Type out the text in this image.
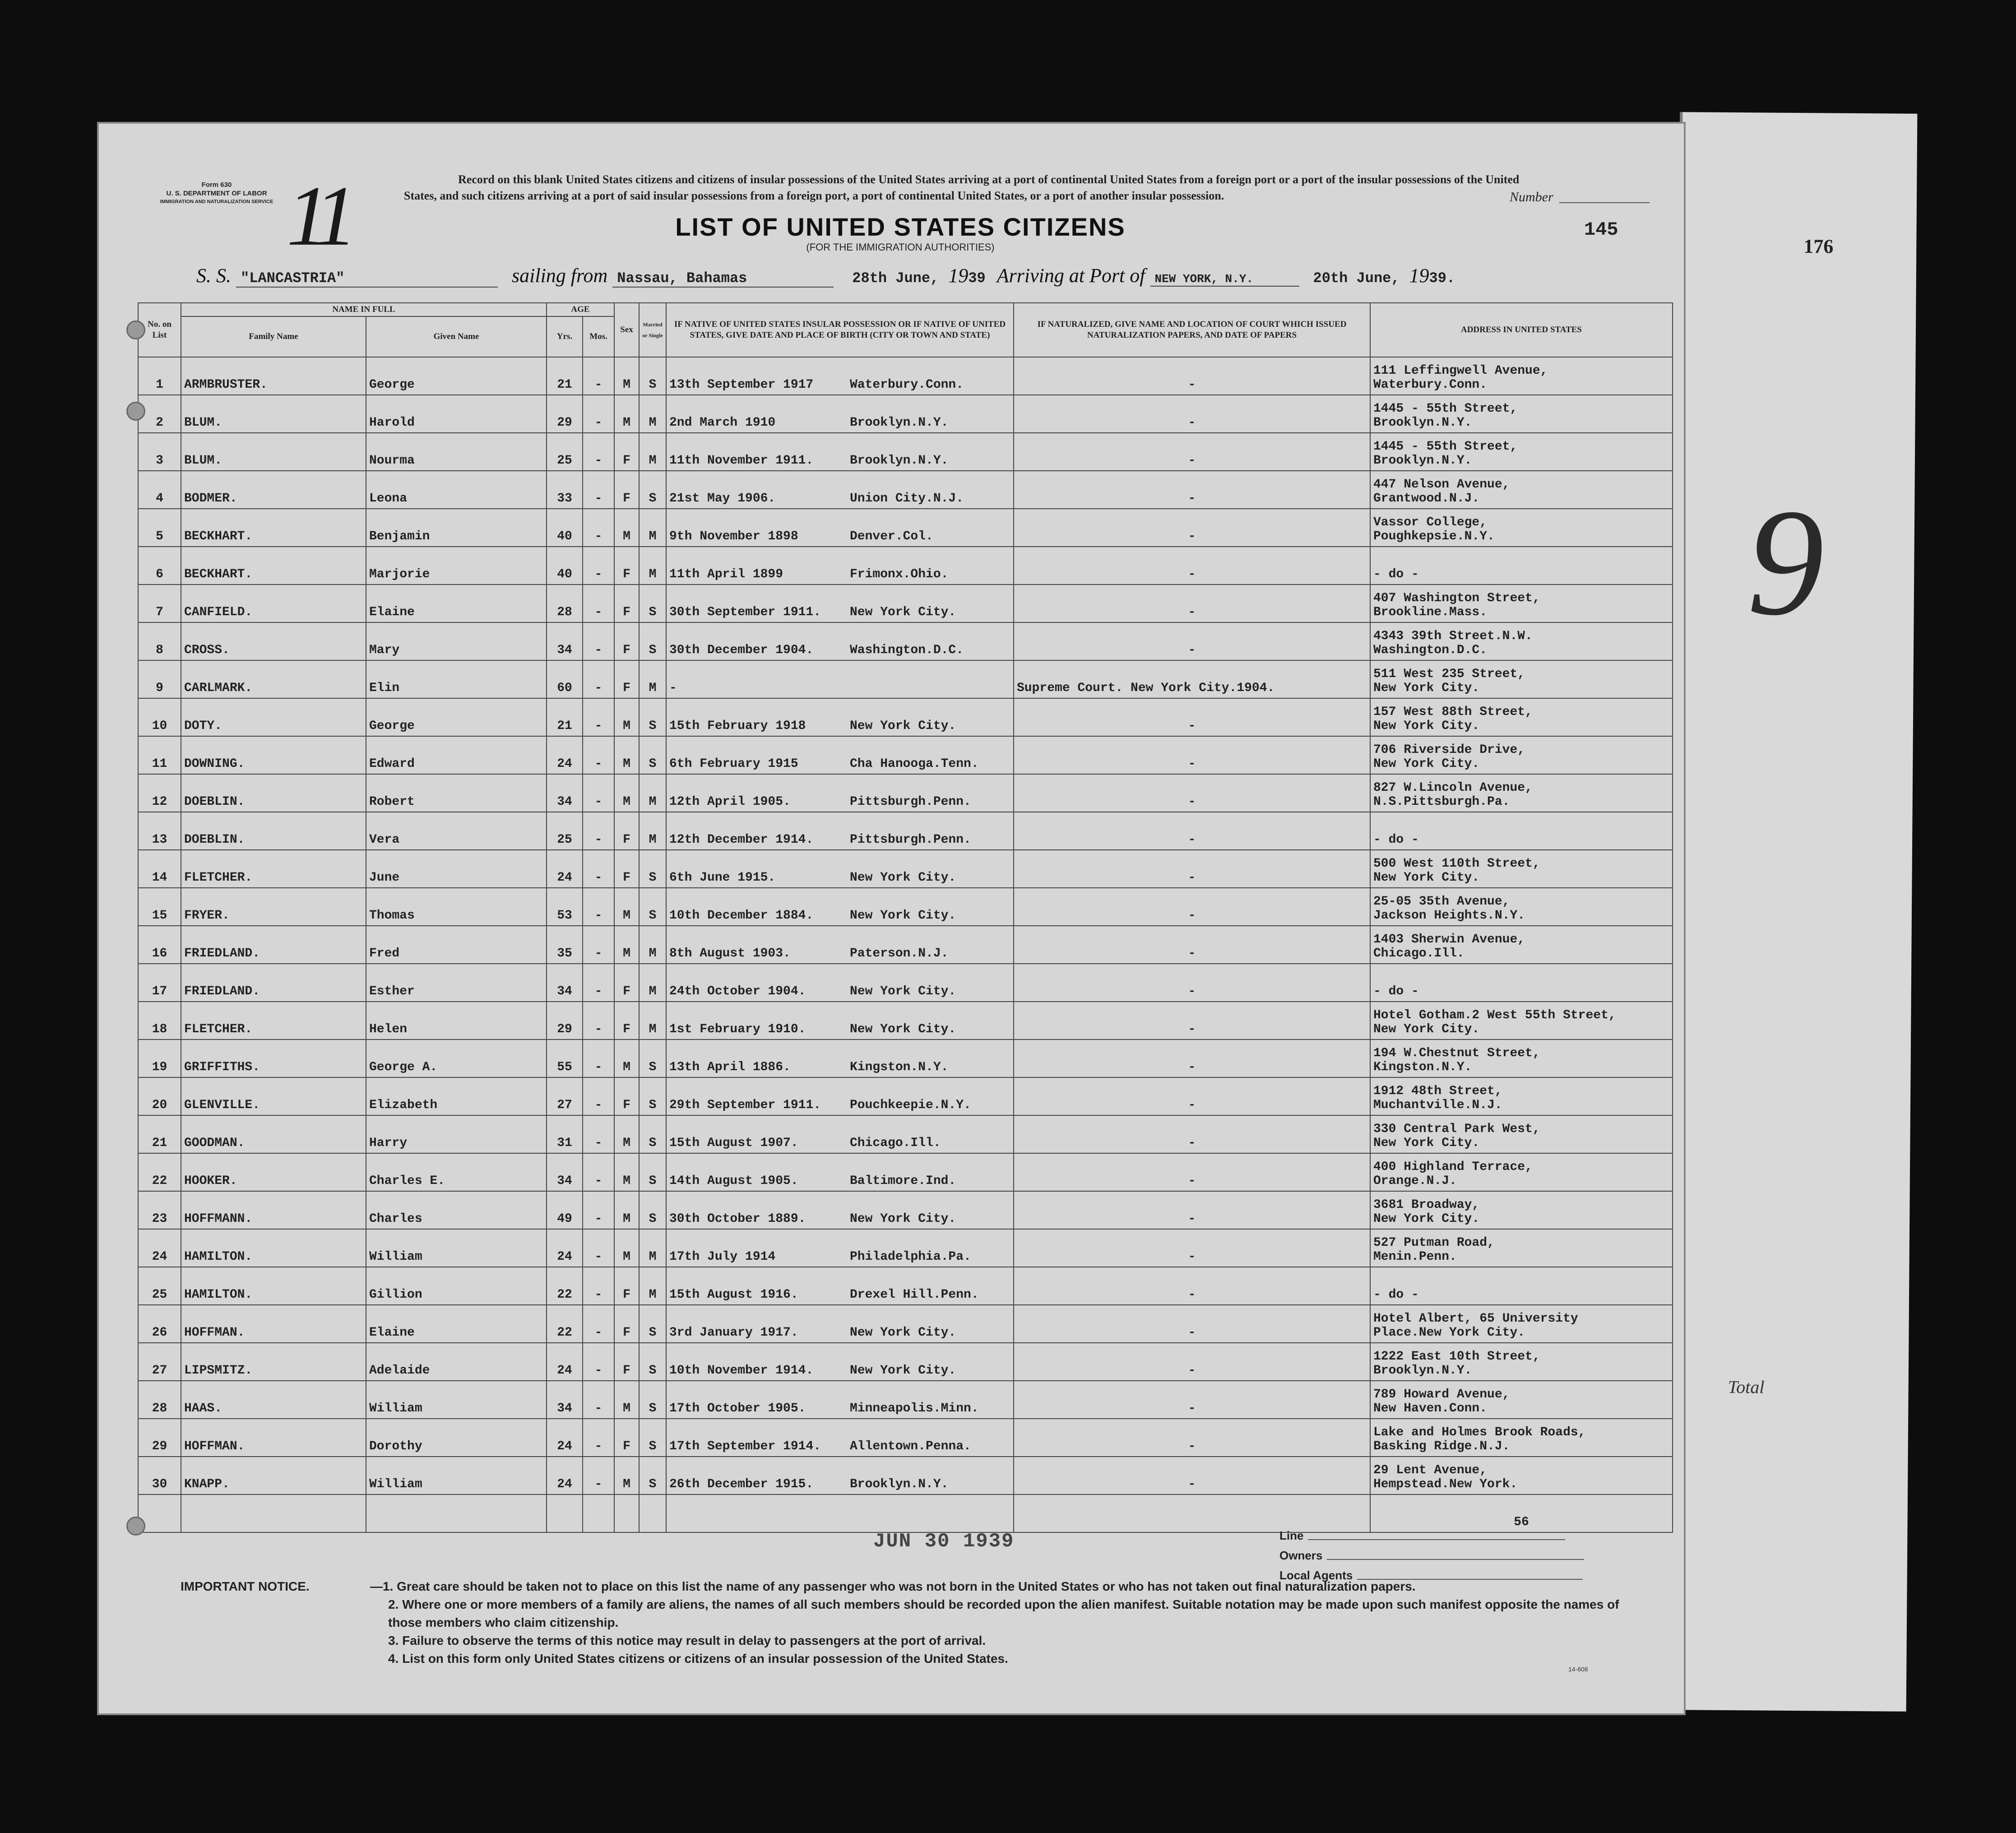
176
Total
9
Form 630
U. S. DEPARTMENT OF LABOR
IMMIGRATION AND NATURALIZATION SERVICE 11	Record on this blank United States citizens and citizens of insular possessions of the United States arriving at a port of continental United States from a foreign port or a port of the insular possessions of the United States, and such citizens arriving at a port of said insular possessions from a foreign port, a port of continental United States, or a port of another insular possession.	Number
LIST OF UNITED STATES CITIZENS
(FOR THE IMMIGRATION AUTHORITIES)
145
S. S. "LANCASTRIA"	sailing from Nassau, Bahamas	28th June, 1939 Arriving at Port of NEW YORK, N.Y.	20th June, 1939.
No. on List	NAME IN FULL		AGE		Sex	Married or Single	IF NATIVE OF UNITED STATES INSULAR POSSESSION OR IF NATIVE OF UNITED STATES, GIVE DATE AND PLACE OF BIRTH (CITY OR TOWN AND STATE)	IF NATURALIZED, GIVE NAME AND LOCATION OF COURT WHICH ISSUED NATURALIZATION PAPERS, AND DATE OF PAPERS	ADDRESS IN UNITED STATES
	Family Name	Given Name	Yrs.	Mos.					
1	ARMBRUSTER.	George	21	-	M	S	13th September 1917 Waterbury.Conn.	-	111 Leffingwell Avenue,
Waterbury.Conn.

2	BLUM.	Harold	29	-	M	M	2nd March 1910 Brooklyn.N.Y.	-	1445 - 55th Street,
Brooklyn.N.Y.

3	BLUM.	Nourma	25	-	F	M	11th November 1911. Brooklyn.N.Y.	-	1445 - 55th Street,
Brooklyn.N.Y.

4	BODMER.	Leona	33	-	F	S	21st May 1906. Union City.N.J.	-	447 Nelson Avenue,
Grantwood.N.J.

5	BECKHART.	Benjamin	40	-	M	M	9th November 1898 Denver.Col.	-	Vassor College,
Poughkepsie.N.Y.

6	BECKHART.	Marjorie	40	-	F	M	11th April 1899 Frimonx.Ohio.	-	- do -

7	CANFIELD.	Elaine	28	-	F	S	30th September 1911. New York City.	-	407 Washington Street,
Brookline.Mass.

8	CROSS.	Mary	34	-	F	S	30th December 1904. Washington.D.C.	-	4343 39th Street.N.W.
Washington.D.C.

9	CARLMARK.	Elin	60	-	F	M	-	Supreme Court. New York City.1904.	511 West 235 Street,
New York City.

10	DOTY.	George	21	-	M	S	15th February 1918 New York City.	-	157 West 88th Street,
New York City.

11	DOWNING.	Edward	24	-	M	S	6th February 1915 Cha Hanooga.Tenn.	-	706 Riverside Drive,
New York City.

12	DOEBLIN.	Robert	34	-	M	M	12th April 1905. Pittsburgh.Penn.	-	827 W.Lincoln Avenue,
N.S.Pittsburgh.Pa.

13	DOEBLIN.	Vera	25	-	F	M	12th December 1914. Pittsburgh.Penn.	-	- do -

14	FLETCHER.	June	24	-	F	S	6th June 1915. New York City.	-	500 West 110th Street,
New York City.

15	FRYER.	Thomas	53	-	M	S	10th December 1884. New York City.	-	25-05 35th Avenue,
Jackson Heights.N.Y.

16	FRIEDLAND.	Fred	35	-	M	M	8th August 1903. Paterson.N.J.	-	1403 Sherwin Avenue,
Chicago.Ill.

17	FRIEDLAND.	Esther	34	-	F	M	24th October 1904. New York City.	-	- do -

18	FLETCHER.	Helen	29	-	F	M	1st February 1910. New York City.	-	Hotel Gotham.2 West 55th Street,
New York City.

19	GRIFFITHS.	George A.	55	-	M	S	13th April 1886. Kingston.N.Y.	-	194 W.Chestnut Street,
Kingston.N.Y.

20	GLENVILLE.	Elizabeth	27	-	F	S	29th September 1911. Pouchkeepie.N.Y.	-	1912 48th Street,
Muchantville.N.J.

21	GOODMAN.	Harry	31	-	M	S	15th August 1907. Chicago.Ill.	-	330 Central Park West,
New York City.

22	HOOKER.	Charles E.	34	-	M	S	14th August 1905. Baltimore.Ind.	-	400 Highland Terrace,
Orange.N.J.

23	HOFFMANN.	Charles	49	-	M	S	30th October 1889. New York City.	-	3681 Broadway,
New York City.

24	HAMILTON.	William	24	-	M	M	17th July 1914 Philadelphia.Pa.	-	527 Putman Road,
Menin.Penn.

25	HAMILTON.	Gillion	22	-	F	M	15th August 1916. Drexel Hill.Penn.	-	- do -

26	HOFFMAN.	Elaine	22	-	F	S	3rd January 1917. New York City.	-	Hotel Albert, 65 University
Place.New York City.

27	LIPSMITZ.	Adelaide	24	-	F	S	10th November 1914. New York City.	-	1222 East 10th Street,
Brooklyn.N.Y.

28	HAAS.	William	34	-	M	S	17th October 1905. Minneapolis.Minn.	-	789 Howard Avenue,
New Haven.Conn.

29	HOFFMAN.	Dorothy	24	-	F	S	17th September 1914. Allentown.Penna.	-	Lake and Holmes Brook Roads,
Basking Ridge.N.J.

30	KNAPP.	William	24	-	M	S	26th December 1915. Brooklyn.N.Y.	-	29 Lent Avenue,
Hempstead.New York.

									56
JUN 30 1939	Line
Owners
Local Agents
IMPORTANT NOTICE.	—1. Great care should be taken not to place on this list the name of any passenger who was not born in the United States or who has not taken out final naturalization papers.
2. Where one or more members of a family are aliens, the names of all such members should be recorded upon the alien manifest. Suitable notation may be made upon such manifest opposite the names of those members who claim citizenship.
3. Failure to observe the terms of this notice may result in delay to passengers at the port of arrival.
4. List on this form only United States citizens or citizens of an insular possession of the United States.
14-608
